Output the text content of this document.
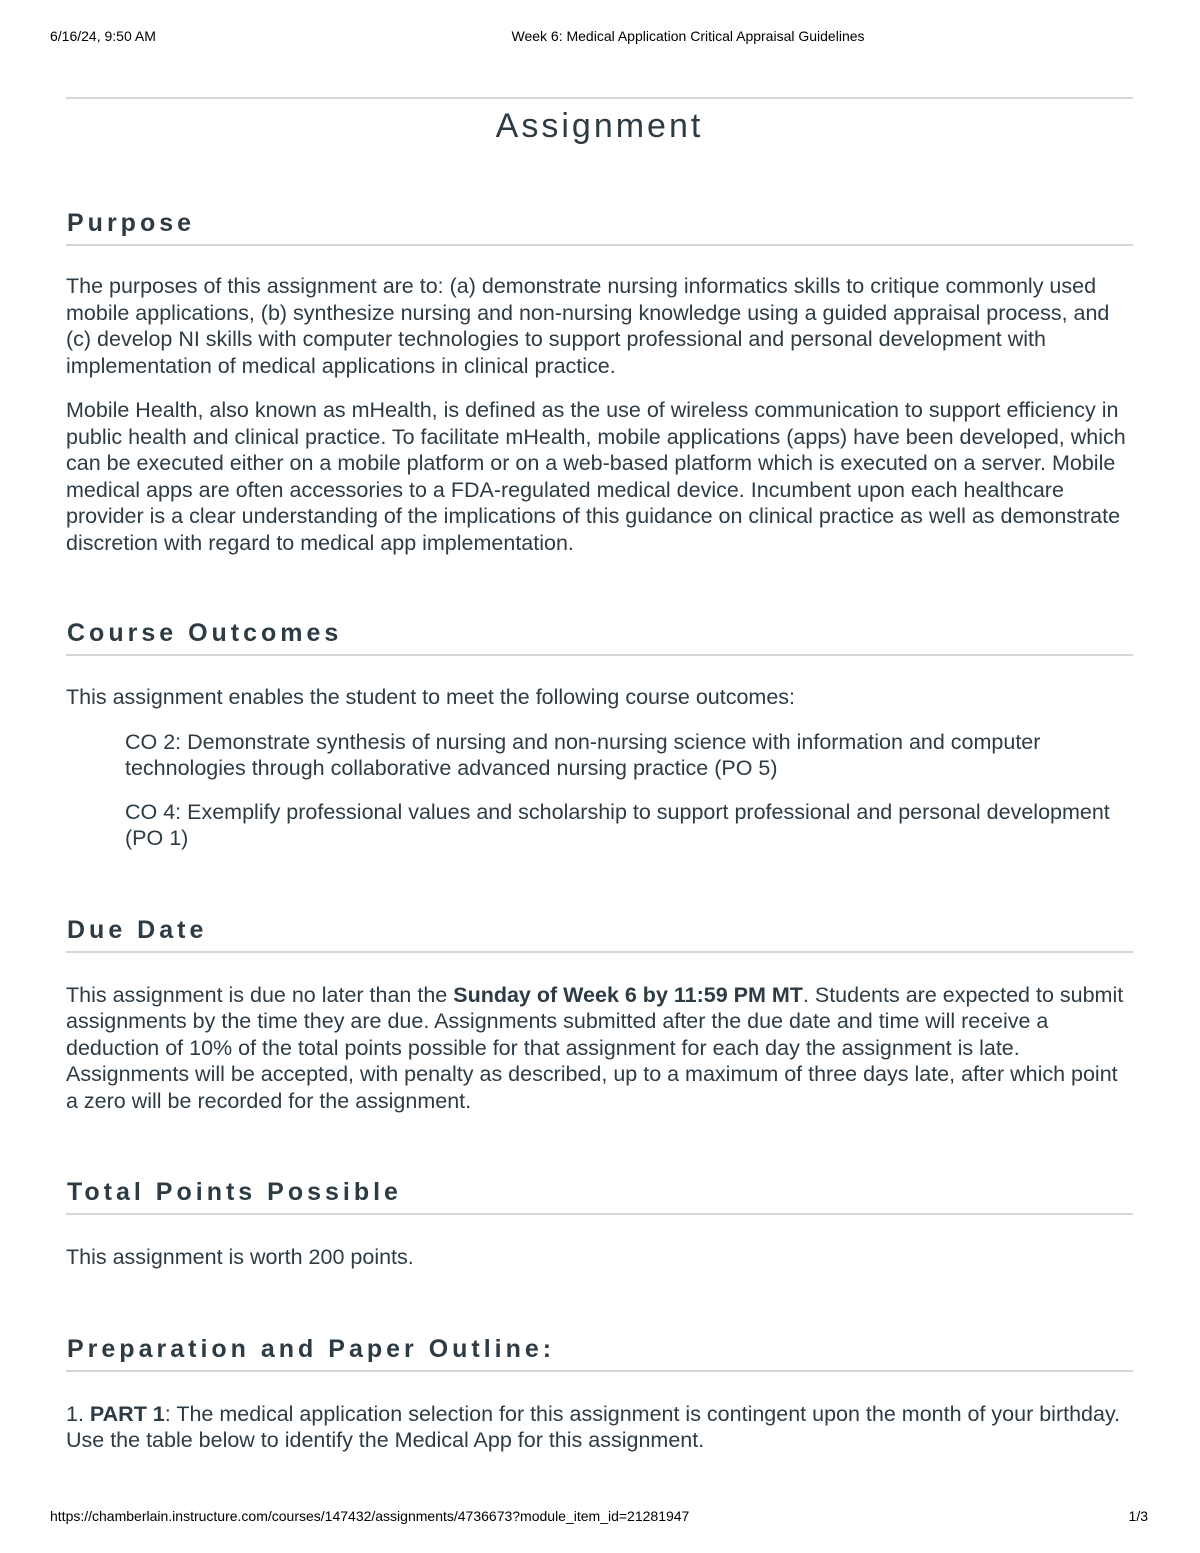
6/16/24, 9:50 AM	Week 6: Medical Application Critical Appraisal Guidelines
Assignment
Purpose

The purposes of this assignment are to: (a) demonstrate nursing informatics skills to critique commonly used mobile applications, (b) synthesize nursing and non-nursing knowledge using a guided appraisal process, and (c) develop NI skills with computer technologies to support professional and personal development with implementation of medical applications in clinical practice.

Mobile Health, also known as mHealth, is defined as the use of wireless communication to support efficiency in public health and clinical practice. To facilitate mHealth, mobile applications (apps) have been developed, which can be executed either on a mobile platform or on a web-based platform which is executed on a server. Mobile medical apps are often accessories to a FDA-regulated medical device. Incumbent upon each healthcare provider is a clear understanding of the implications of this guidance on clinical practice as well as demonstrate discretion with regard to medical app implementation.

Course Outcomes

This assignment enables the student to meet the following course outcomes:

CO 2: Demonstrate synthesis of nursing and non-nursing science with information and computer technologies through collaborative advanced nursing practice (PO 5)

CO 4: Exemplify professional values and scholarship to support professional and personal development (PO 1)

Due Date

This assignment is due no later than the Sunday of Week 6 by 11:59 PM MT. Students are expected to submit assignments by the time they are due. Assignments submitted after the due date and time will receive a deduction of 10% of the total points possible for that assignment for each day the assignment is late. Assignments will be accepted, with penalty as described, up to a maximum of three days late, after which point a zero will be recorded for the assignment.

Total Points Possible

This assignment is worth 200 points.

Preparation and Paper Outline:

1. PART 1: The medical application selection for this assignment is contingent upon the month of your birthday. Use the table below to identify the Medical App for this assignment.

https://chamberlain.instructure.com/courses/147432/assignments/4736673?module_item_id=21281947	1/3
